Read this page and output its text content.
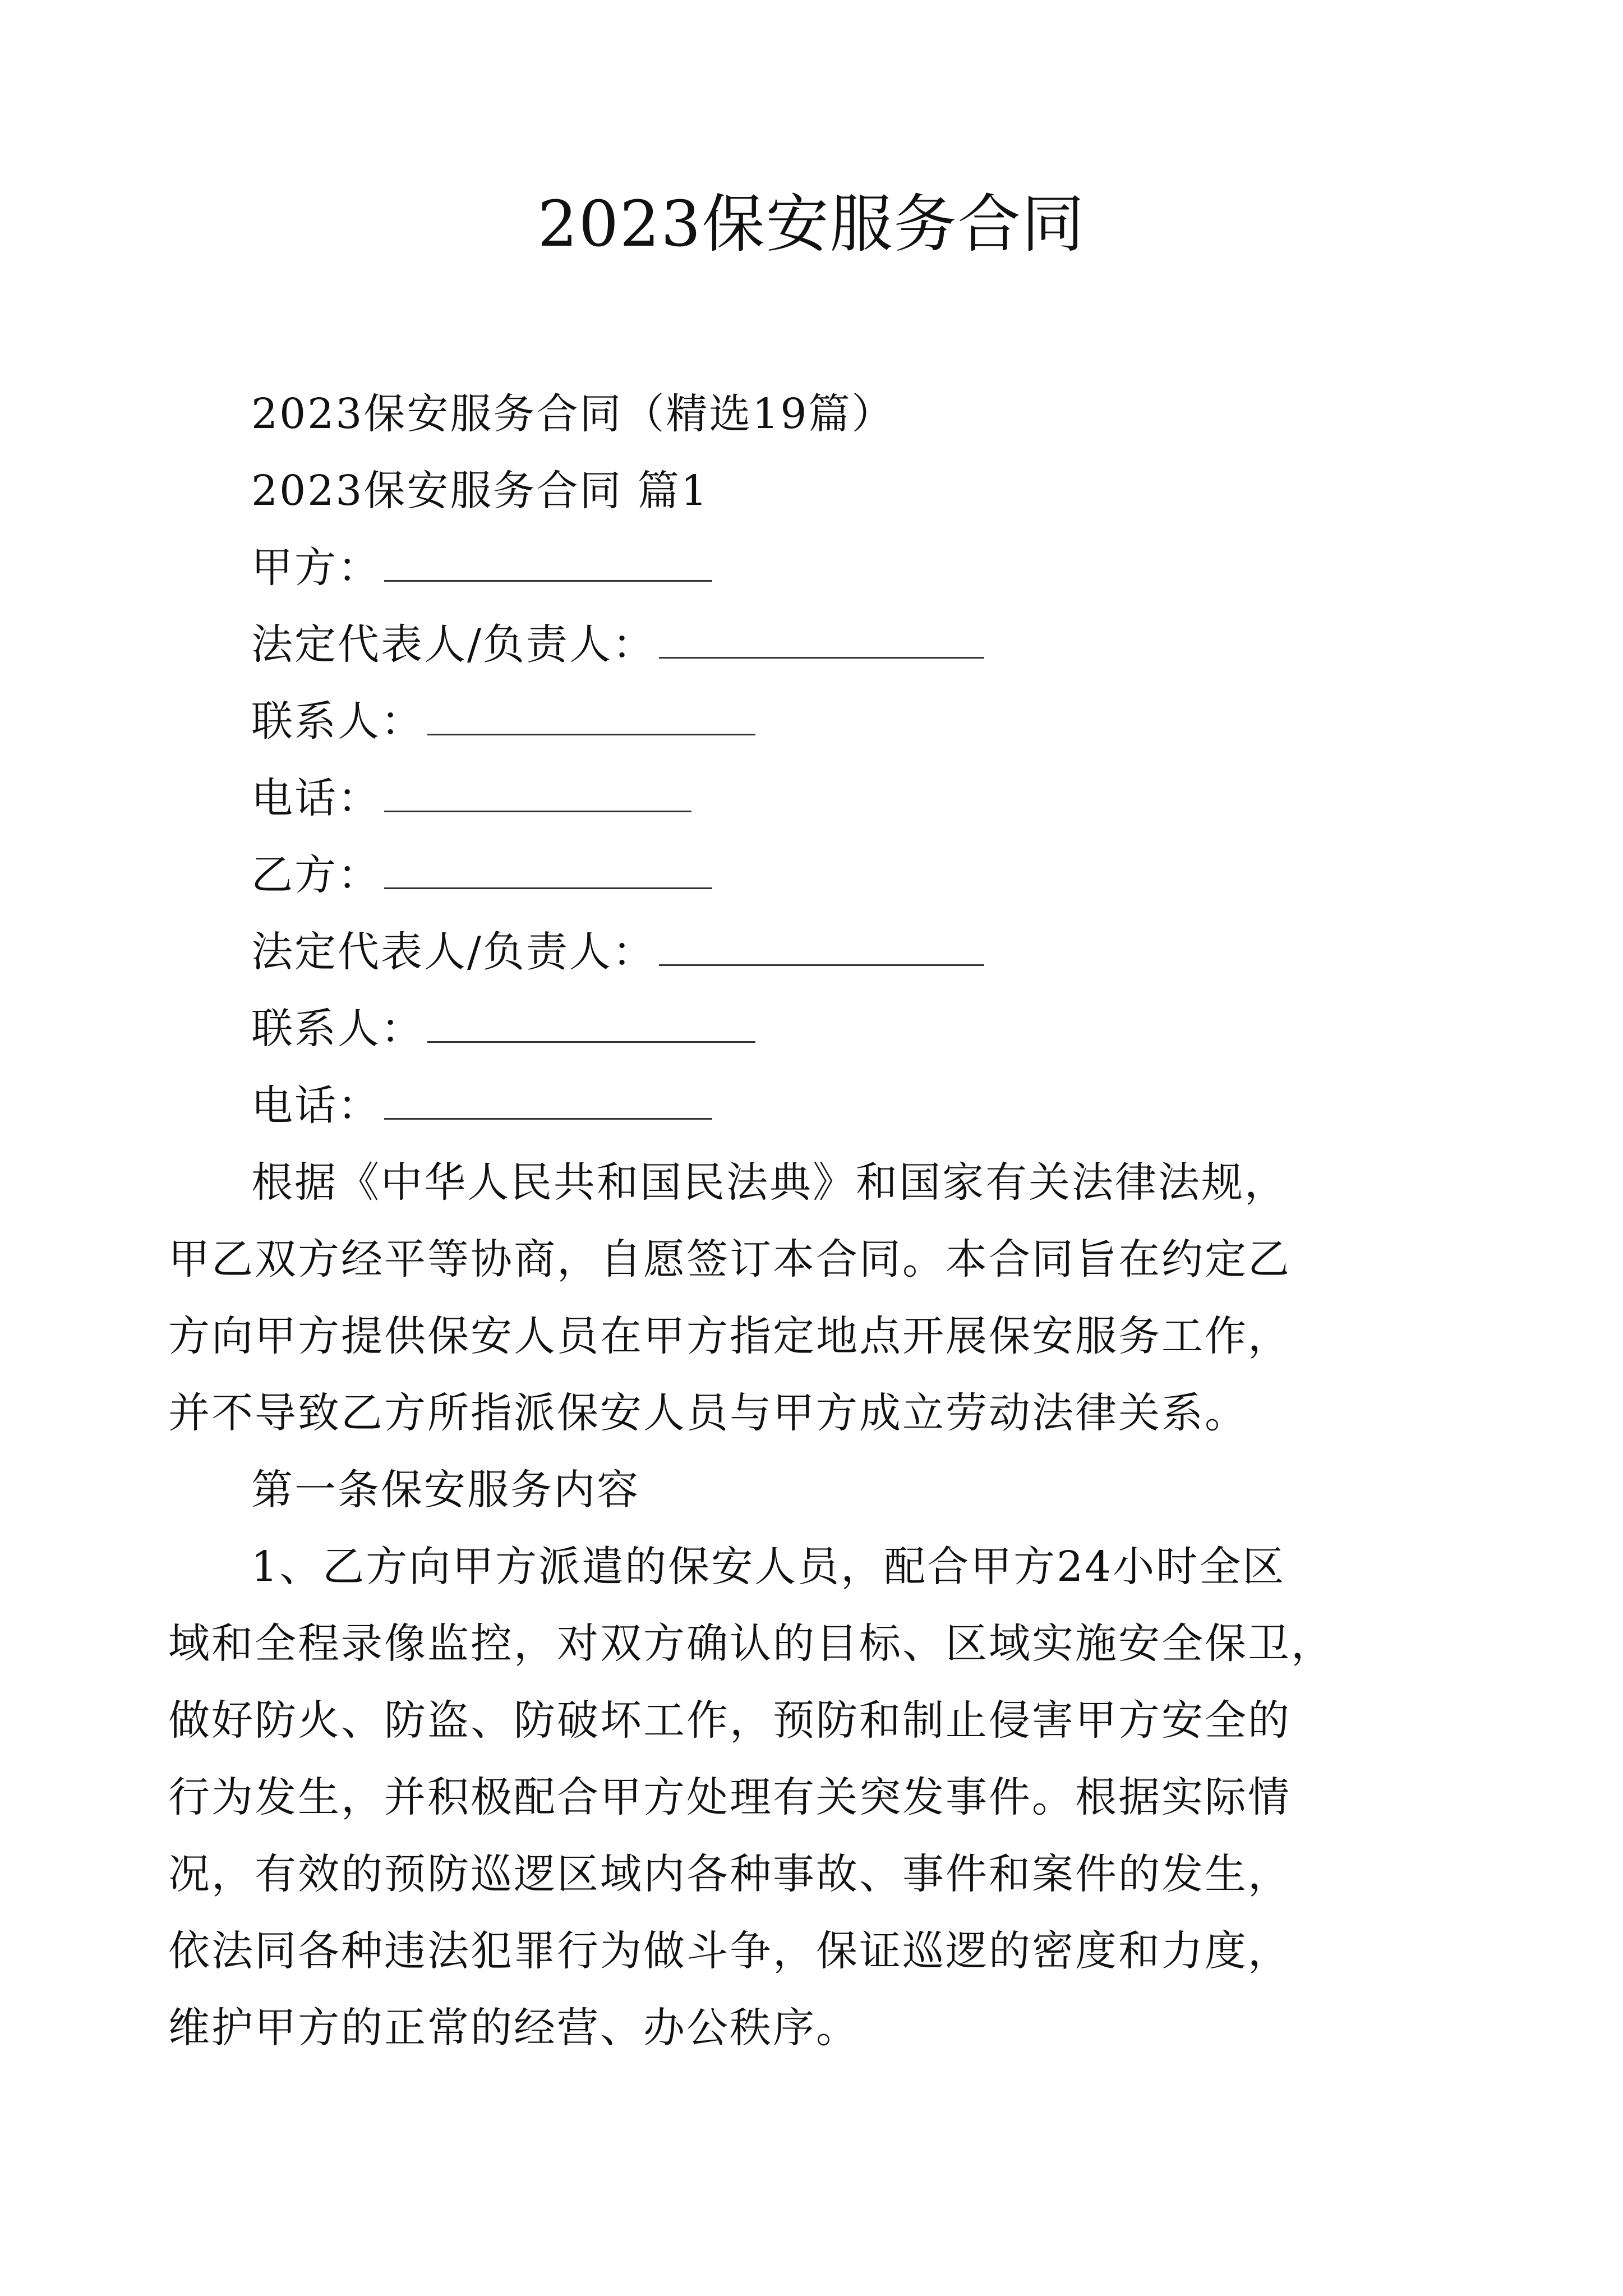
2023保安服务合同
2023保安服务合同（精选19篇）
2023保安服务合同 篇1
甲方：
法定代表人/负责人：
联系人：
电话：
乙方：
法定代表人/负责人：
联系人：
电话：
根据《中华人民共和国民法典》和国家有关法律法规，
甲乙双方经平等协商，自愿签订本合同。本合同旨在约定乙
方向甲方提供保安人员在甲方指定地点开展保安服务工作，
并不导致乙方所指派保安人员与甲方成立劳动法律关系。
第一条保安服务内容
1、乙方向甲方派遣的保安人员，配合甲方24小时全区
域和全程录像监控，对双方确认的目标、区域实施安全保卫，
做好防火、防盗、防破坏工作，预防和制止侵害甲方安全的
行为发生，并积极配合甲方处理有关突发事件。根据实际情
况，有效的预防巡逻区域内各种事故、事件和案件的发生，
依法同各种违法犯罪行为做斗争，保证巡逻的密度和力度，
维护甲方的正常的经营、办公秩序。
